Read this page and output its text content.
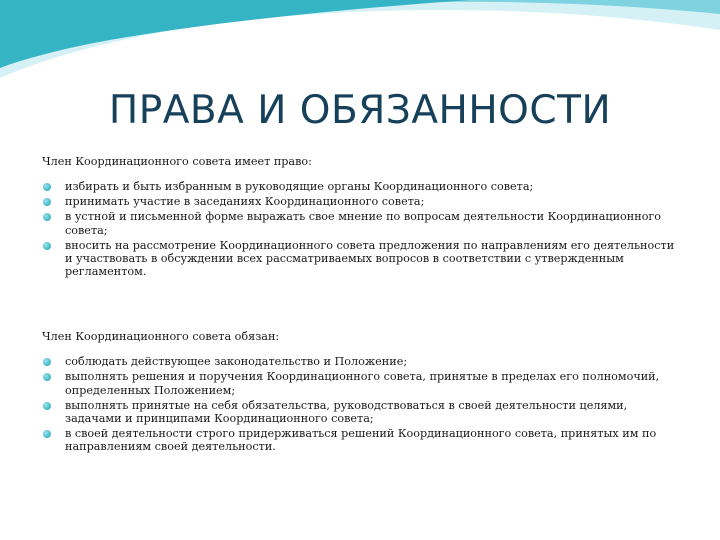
ПРАВА И ОБЯЗАННОСТИ

Член Координационного совета имеет право:

избирать и быть избранным в руководящие органы Координационного совета;
принимать участие в заседаниях Координационного совета;
в устной и письменной форме выражать свое мнение по вопросам деятельности Координационного совета;
вносить на рассмотрение Координационного совета предложения по направлениям его деятельности и участвовать в обсуждении всех рассматриваемых вопросов в соответствии с утвержденным регламентом.

Член Координационного совета обязан:

соблюдать действующее законодательство и Положение;
выполнять решения и поручения Координационного совета, принятые в пределах его полномочий, определенных Положением;
выполнять принятые на себя обязательства, руководствоваться в своей деятельности целями, задачами и принципами Координационного совета;
в своей деятельности строго придерживаться решений Координационного совета, принятых им по направлениям своей деятельности.
